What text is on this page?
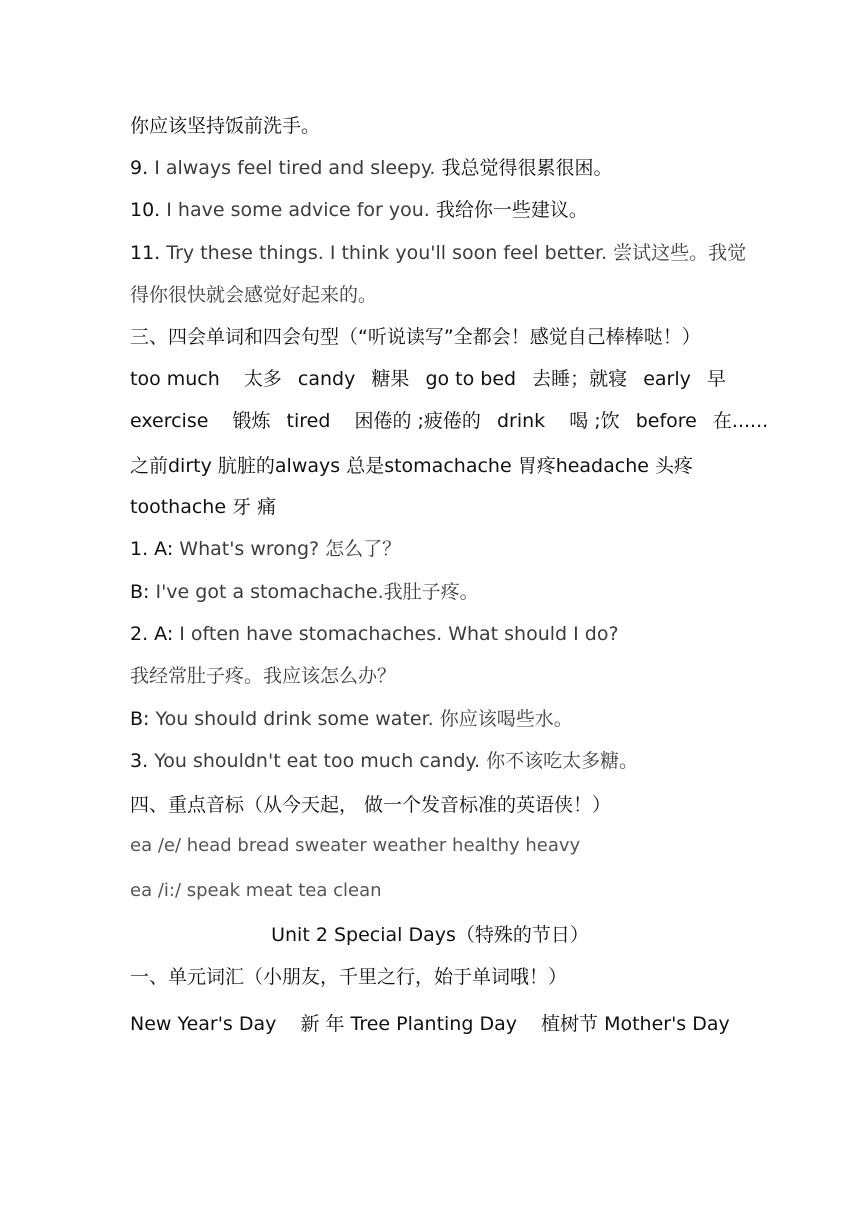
你应该坚持饭前洗手。
9. I always feel tired and sleepy. 我总觉得很累很困。
10. I have some advice for you. 我给你一些建议。
11. Try these things. I think you'll soon feel better. 尝试这些。我觉
得你很快就会感觉好起来的。
三、四会单词和四会句型（“听说读写”全都会！感觉自己棒棒哒！）
too much 太多 candy 糖果 go to bed 去睡；就寝 early 早
exercise 锻炼 tired 困倦的 ;疲倦的 drink 喝 ;饮 before 在......
之前dirty 肮脏的always 总是stomachache 胃疼headache 头疼
toothache 牙 痛
1. A: What's wrong? 怎么了？
B: I've got a stomachache.我肚子疼。
2. A: I often have stomachaches. What should I do?
我经常肚子疼。我应该怎么办？
B: You should drink some water. 你应该喝些水。
3. You shouldn't eat too much candy. 你不该吃太多糖。
四、重点音标（从今天起， 做一个发音标准的英语侠！）
ea /e/ head bread sweater weather healthy heavy
ea /i:/ speak meat tea clean
Unit 2 Special Days（特殊的节日）
一、单元词汇（小朋友，千里之行，始于单词哦！）
New Year's Day 新 年 Tree Planting Day 植树节 Mother's Day
